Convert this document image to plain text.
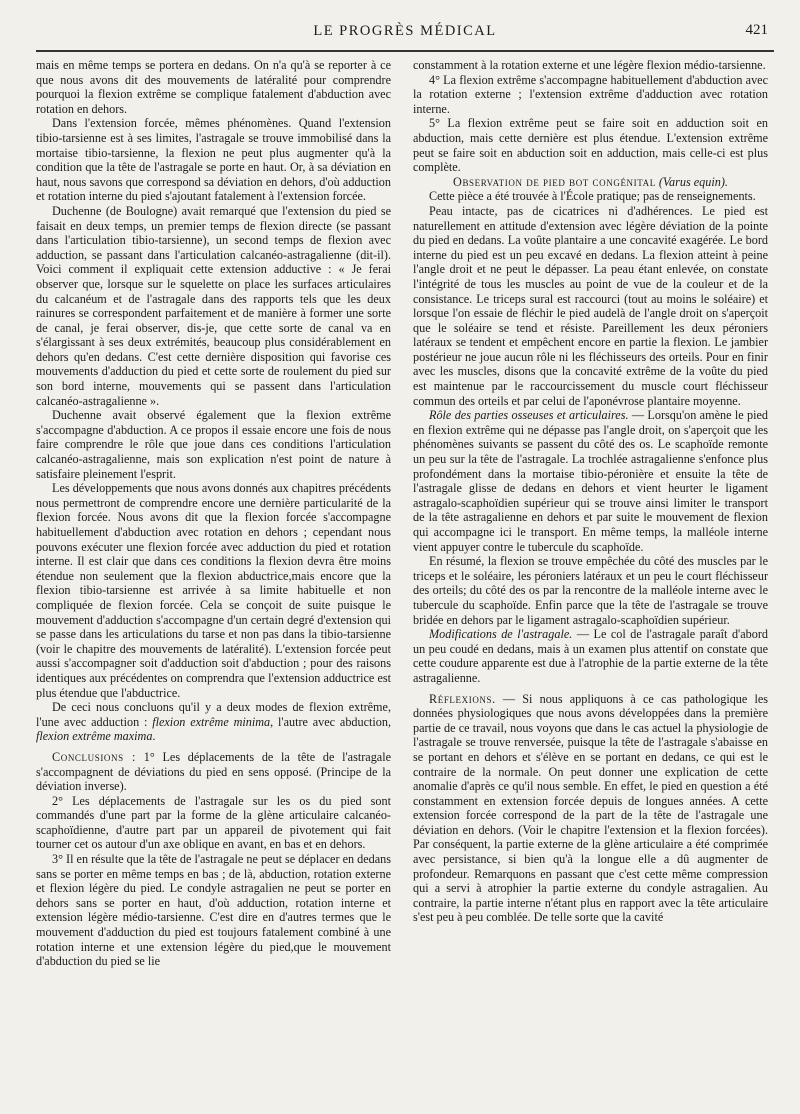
LE PROGRÈS MÉDICAL	421

mais en même temps se portera en dedans. On n'a qu'à se reporter à ce que nous avons dit des mouvements de latéralité pour comprendre pourquoi la flexion extrême se complique fatalement d'abduction avec rotation en dehors.

Dans l'extension forcée, mêmes phénomènes. Quand l'extension tibio-tarsienne est à ses limites, l'astragale se trouve immobilisé dans la mortaise tibio-tarsienne, la flexion ne peut plus augmenter qu'à la condition que la tête de l'astragale se porte en haut. Or, à sa déviation en haut, nous savons que correspond sa déviation en dehors, d'où adduction et rotation interne du pied s'ajoutant fatalement à l'extension forcée.

Duchenne (de Boulogne) avait remarqué que l'extension du pied se faisait en deux temps, un premier temps de flexion directe (se passant dans l'articulation tibio-tarsienne), un second temps de flexion avec adduction, se passant dans l'articulation calcanéo-astragalienne (dit-il). Voici comment il expliquait cette extension adductive : « Je ferai observer que, lorsque sur le squelette on place les surfaces articulaires du calcanéum et de l'astragale dans des rapports tels que les deux rainures se correspondent parfaitement et de manière à former une sorte de canal, je ferai observer, dis-je, que cette sorte de canal va en s'élargissant à ses deux extrémités, beaucoup plus considérablement en dehors qu'en dedans. C'est cette dernière disposition qui favorise ces mouvements d'adduction du pied et cette sorte de roulement du pied sur son bord interne, mouvements qui se passent dans l'articulation calcanéo-astragalienne ».

Duchenne avait observé également que la flexion extrême s'accompagne d'abduction. A ce propos il essaie encore une fois de nous faire comprendre le rôle que joue dans ces conditions l'articulation calcanéo-astragalienne, mais son explication n'est point de nature à satisfaire pleinement l'esprit.

Les développements que nous avons donnés aux chapitres précédents nous permettront de comprendre encore une dernière particularité de la flexion forcée. Nous avons dit que la flexion forcée s'accompagne habituellement d'abduction avec rotation en dehors ; cependant nous pouvons exécuter une flexion forcée avec adduction du pied et rotation interne. Il est clair que dans ces conditions la flexion devra être moins étendue non seulement que la flexion abductrice,mais encore que la flexion tibio-tarsienne est arrivée à sa limite habituelle et non compliquée de flexion forcée. Cela se conçoit de suite puisque le mouvement d'adduction s'accompagne d'un certain degré d'extension qui se passe dans les articulations du tarse et non pas dans la tibio-tarsienne (voir le chapitre des mouvements de latéralité). L'extension forcée peut aussi s'accompagner soit d'adduction soit d'abduction ; pour des raisons identiques aux précédentes on comprendra que l'extension adductrice est plus étendue que l'abductrice.

De ceci nous concluons qu'il y a deux modes de flexion extrême, l'une avec adduction : flexion extrême minima, l'autre avec abduction, flexion extrême maxima.

Conclusions : 1° Les déplacements de la tête de l'astragale s'accompagnent de déviations du pied en sens opposé. (Principe de la déviation inverse).

2° Les déplacements de l'astragale sur les os du pied sont commandés d'une part par la forme de la glène articulaire calcanéo-scaphoïdienne, d'autre part par un appareil de pivotement qui fait tourner cet os autour d'un axe oblique en avant, en bas et en dehors.

3° Il en résulte que la tête de l'astragale ne peut se déplacer en dedans sans se porter en même temps en bas ; de là, abduction, rotation externe et flexion légère du pied. Le condyle astragalien ne peut se porter en dehors sans se porter en haut, d'où adduction, rotation interne et extension légère médio-tarsienne. C'est dire en d'autres termes que le mouvement d'adduction du pied est toujours fatalement combiné à une rotation interne et une extension légère du pied,que le mouvement d'abduction du pied se lie

constamment à la rotation externe et une légère flexion médio-tarsienne.

4° La flexion extrême s'accompagne habituellement d'abduction avec la rotation externe ; l'extension extrême d'adduction avec rotation interne.

5° La flexion extrême peut se faire soit en adduction soit en abduction, mais cette dernière est plus étendue. L'extension extrême peut se faire soit en abduction soit en adduction, mais celle-ci est plus complète.

Observation de pied bot congénital (Varus equin).

Cette pièce a été trouvée à l'École pratique; pas de renseignements.

Peau intacte, pas de cicatrices ni d'adhérences. Le pied est naturellement en attitude d'extension avec légère déviation de la pointe du pied en dedans. La voûte plantaire a une concavité exagérée. Le bord interne du pied est un peu excavé en dedans. La flexion atteint à peine l'angle droit et ne peut le dépasser. La peau étant enlevée, on constate l'intégrité de tous les muscles au point de vue de la couleur et de la consistance. Le triceps sural est raccourci (tout au moins le soléaire) et lorsque l'on essaie de fléchir le pied audelà de l'angle droit on s'aperçoit que le soléaire se tend et résiste. Pareillement les deux péroniers latéraux se tendent et empêchent encore en partie la flexion. Le jambier postérieur ne joue aucun rôle ni les fléchisseurs des orteils. Pour en finir avec les muscles, disons que la concavité extrême de la voûte du pied est maintenue par le raccourcissement du muscle court fléchisseur commun des orteils et par celui de l'aponévrose plantaire moyenne.

Rôle des parties osseuses et articulaires. — Lorsqu'on amène le pied en flexion extrême qui ne dépasse pas l'angle droit, on s'aperçoit que les phénomènes suivants se passent du côté des os. Le scaphoïde remonte un peu sur la tête de l'astragale. La trochlée astragalienne s'enfonce plus profondément dans la mortaise tibio-péronière et ensuite la tête de l'astragale glisse de dedans en dehors et vient heurter le ligament astragalo-scaphoïdien supérieur qui se trouve ainsi limiter le transport de la tête astragalienne en dehors et par suite le mouvement de flexion qui accompagne ici le transport. En même temps, la malléole interne vient appuyer contre le tubercule du scaphoïde.

En résumé, la flexion se trouve empêchée du côté des muscles par le triceps et le soléaire, les péroniers latéraux et un peu le court fléchisseur des orteils; du côté des os par la rencontre de la malléole interne avec le tubercule du scaphoïde. Enfin parce que la tête de l'astragale se trouve bridée en dehors par le ligament astragalo-scaphoïdien supérieur.

Modifications de l'astragale. — Le col de l'astragale paraît d'abord un peu coudé en dedans, mais à un examen plus attentif on constate que cette coudure apparente est due à l'atrophie de la partie externe de la tête astragalienne.

Réflexions. — Si nous appliquons à ce cas pathologique les données physiologiques que nous avons développées dans la première partie de ce travail, nous voyons que dans le cas actuel la physiologie de l'astragale se trouve renversée, puisque la tête de l'astragale s'abaisse en se portant en dehors et s'élève en se portant en dedans, ce qui est le contraire de la normale. On peut donner une explication de cette anomalie d'après ce qu'il nous semble. En effet, le pied en question a été constamment en extension forcée depuis de longues années. A cette extension forcée correspond de la part de la tête de l'astragale une déviation en dehors. (Voir le chapitre l'extension et la flexion forcées). Par conséquent, la partie externe de la glène articulaire a été comprimée avec persistance, si bien qu'à la longue elle a dû augmenter de profondeur. Remarquons en passant que c'est cette même compression qui a servi à atrophier la partie externe du condyle astragalien. Au contraire, la partie interne n'étant plus en rapport avec la tête articulaire s'est peu à peu comblée. De telle sorte que la cavité
